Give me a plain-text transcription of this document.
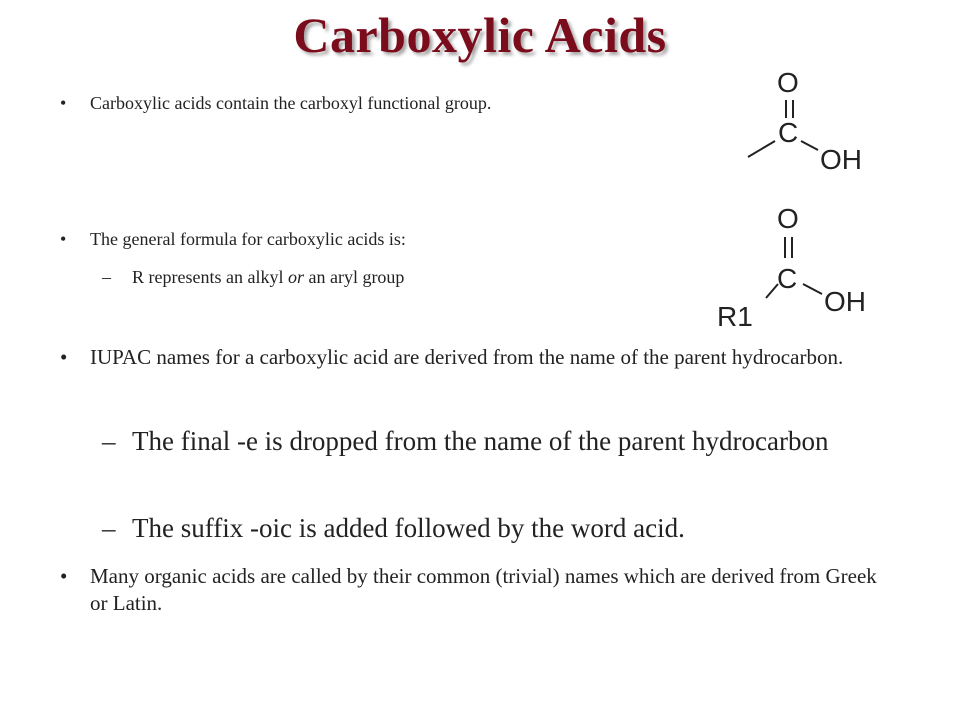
Carboxylic Acids
• Carboxylic acids contain the carboxyl functional group.
• The general formula for carboxylic acids is:
– R represents an alkyl or an aryl group
• IUPAC names for a carboxylic acid are derived from the name of the parent hydrocarbon.
– The final -e is dropped from the name of the parent hydrocarbon
– The suffix -oic is added followed by the word acid.
• Many organic acids are called by their common (trivial) names which are derived from Greek or Latin.
O
C
OH
O
C
R1	OH
